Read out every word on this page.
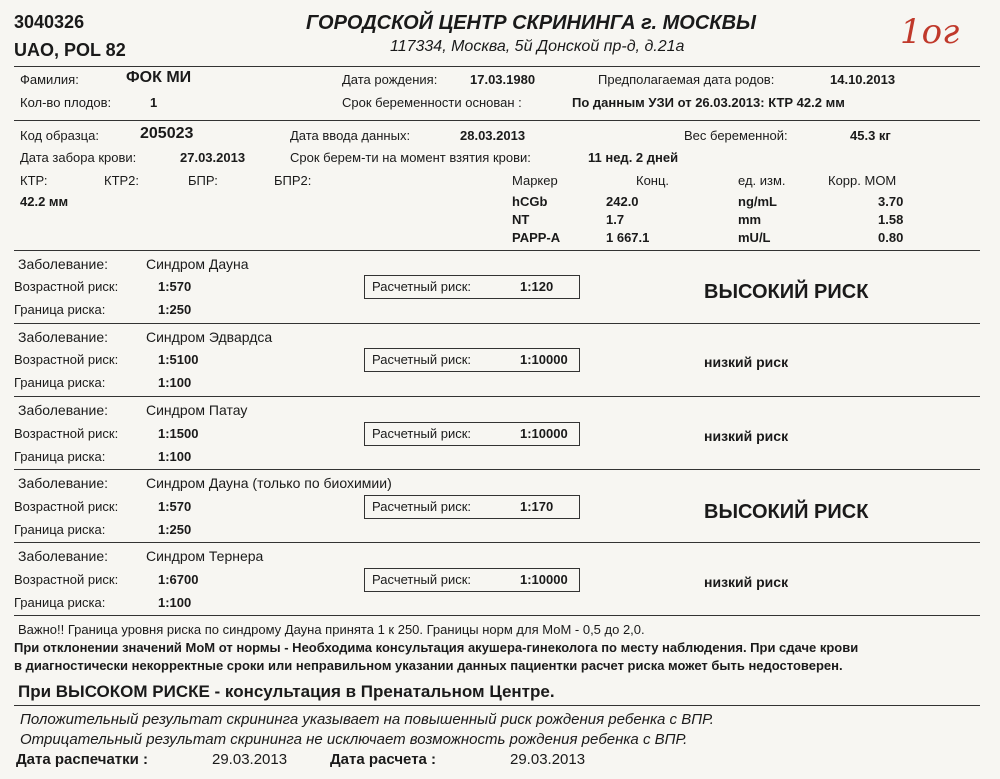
3040326
UAO, POL 82
ГОРОДСКОЙ ЦЕНТР СКРИНИНГА г. МОСКВЫ
117334, Москва, 5й Донской пр-д, д.21а	1ог
Фамилия:	ФОК МИ	Дата рождения:	17.03.1980	Предполагаемая дата родов:	14.10.2013
Кол-во плодов:	1	Срок беременности основан :	По данным УЗИ от 26.03.2013: КТР 42.2 мм
Код образца:	205023	Дата ввода данных:	28.03.2013	Вес беременной:	45.3 кг
Дата забора крови:	27.03.2013	Срок берем-ти на момент взятия крови:	11 нед. 2 дней
КТР:	КТР2:	БПР:	БПР2:
42.2 мм
Маркер	Конц.	ед. изм.	Корр. МОМ
hCGb	242.0	ng/mL	3.70
NT	1.7	mm	1.58
PAPP-A	1 667.1	mU/L	0.80
Заболевание:	Синдром Дауна
Возрастной риск:	1:570
Граница риска:	1:250
Расчетный риск:	1:120	ВЫСОКИЙ РИСК
Заболевание:	Синдром Эдвардса
Возрастной риск:	1:5100
Граница риска:	1:100
Расчетный риск:	1:10000	низкий риск
Заболевание:	Синдром Патау
Возрастной риск:	1:1500
Граница риска:	1:100
Расчетный риск:	1:10000	низкий риск
Заболевание:	Синдром Дауна (только по биохимии)
Возрастной риск:	1:570
Граница риска:	1:250
Расчетный риск:	1:170	ВЫСОКИЙ РИСК
Заболевание:	Синдром Тернера
Возрастной риск:	1:6700
Граница риска:	1:100
Расчетный риск:	1:10000	низкий риск
Важно!! Граница уровня риска по синдрому Дауна принята 1 к 250. Границы норм для МоМ - 0,5 до 2,0.
При отклонении значений МоМ от нормы - Необходима консультация акушера-гинеколога по месту наблюдения. При сдаче крови
в диагностически некорректные сроки или неправильном указании данных пациентки расчет риска может быть недостоверен.
При ВЫСОКОМ РИСКЕ - консультация в Пренатальном Центре.
Положительный результат скрининга указывает на повышенный риск рождения ребенка с ВПР.
Отрицательный результат скрининга не исключает возможность рождения ребенка с ВПР.
Дата распечатки :	29.03.2013	Дата расчета :	29.03.2013
